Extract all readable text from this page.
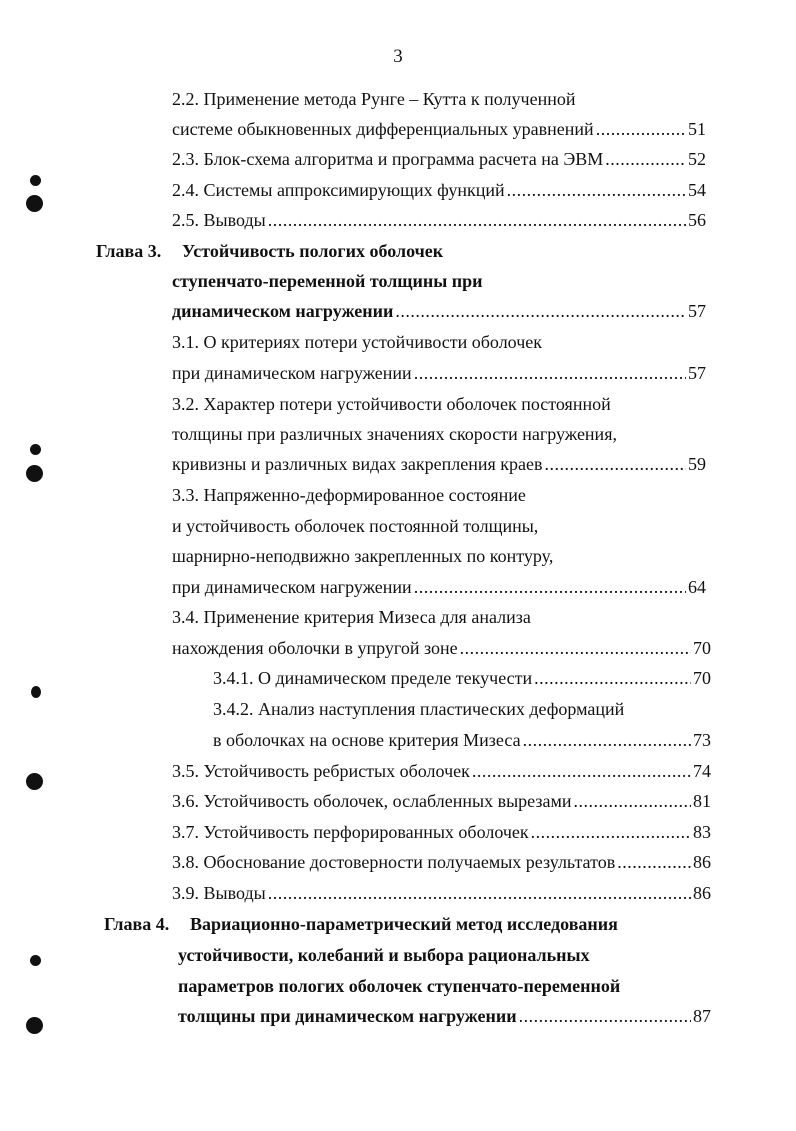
3
2.2. Применение метода Рунге – Кутта к полученной
системе обыкновенных дифференциальных уравнений .....	51
2.3. Блок-схема алгоритма и программа расчета на ЭВМ .....	52
2.4. Системы аппроксимирующих функций .....	54
2.5. Выводы .....	56
Глава 3. Устойчивость пологих оболочек
ступенчато-переменной толщины при
динамическом нагружении .....	57
3.1. О критериях потери устойчивости оболочек
при динамическом нагружении .....	57
3.2. Характер потери устойчивости оболочек постоянной
толщины при различных значениях скорости нагружения,
кривизны и различных видах закрепления краев .....	59
3.3. Напряженно-деформированное состояние
и устойчивость оболочек постоянной толщины,
шарнирно-неподвижно закрепленных по контуру,
при динамическом нагружении .....	64
3.4. Применение критерия Мизеса для анализа
нахождения оболочки в упругой зоне .....	70
3.4.1. О динамическом пределе текучести .....	70
3.4.2. Анализ наступления пластических деформаций
в оболочках на основе критерия Мизеса .....	73
3.5. Устойчивость ребристых оболочек .....	74
3.6. Устойчивость оболочек, ослабленных вырезами .....	81
3.7. Устойчивость перфорированных оболочек .....	83
3.8. Обоснование достоверности получаемых результатов .....	86
3.9. Выводы .....	86
Глава 4. Вариационно-параметрический метод исследования
устойчивости, колебаний и выбора рациональных
параметров пологих оболочек ступенчато-переменной
толщины при динамическом нагружении .....	87
